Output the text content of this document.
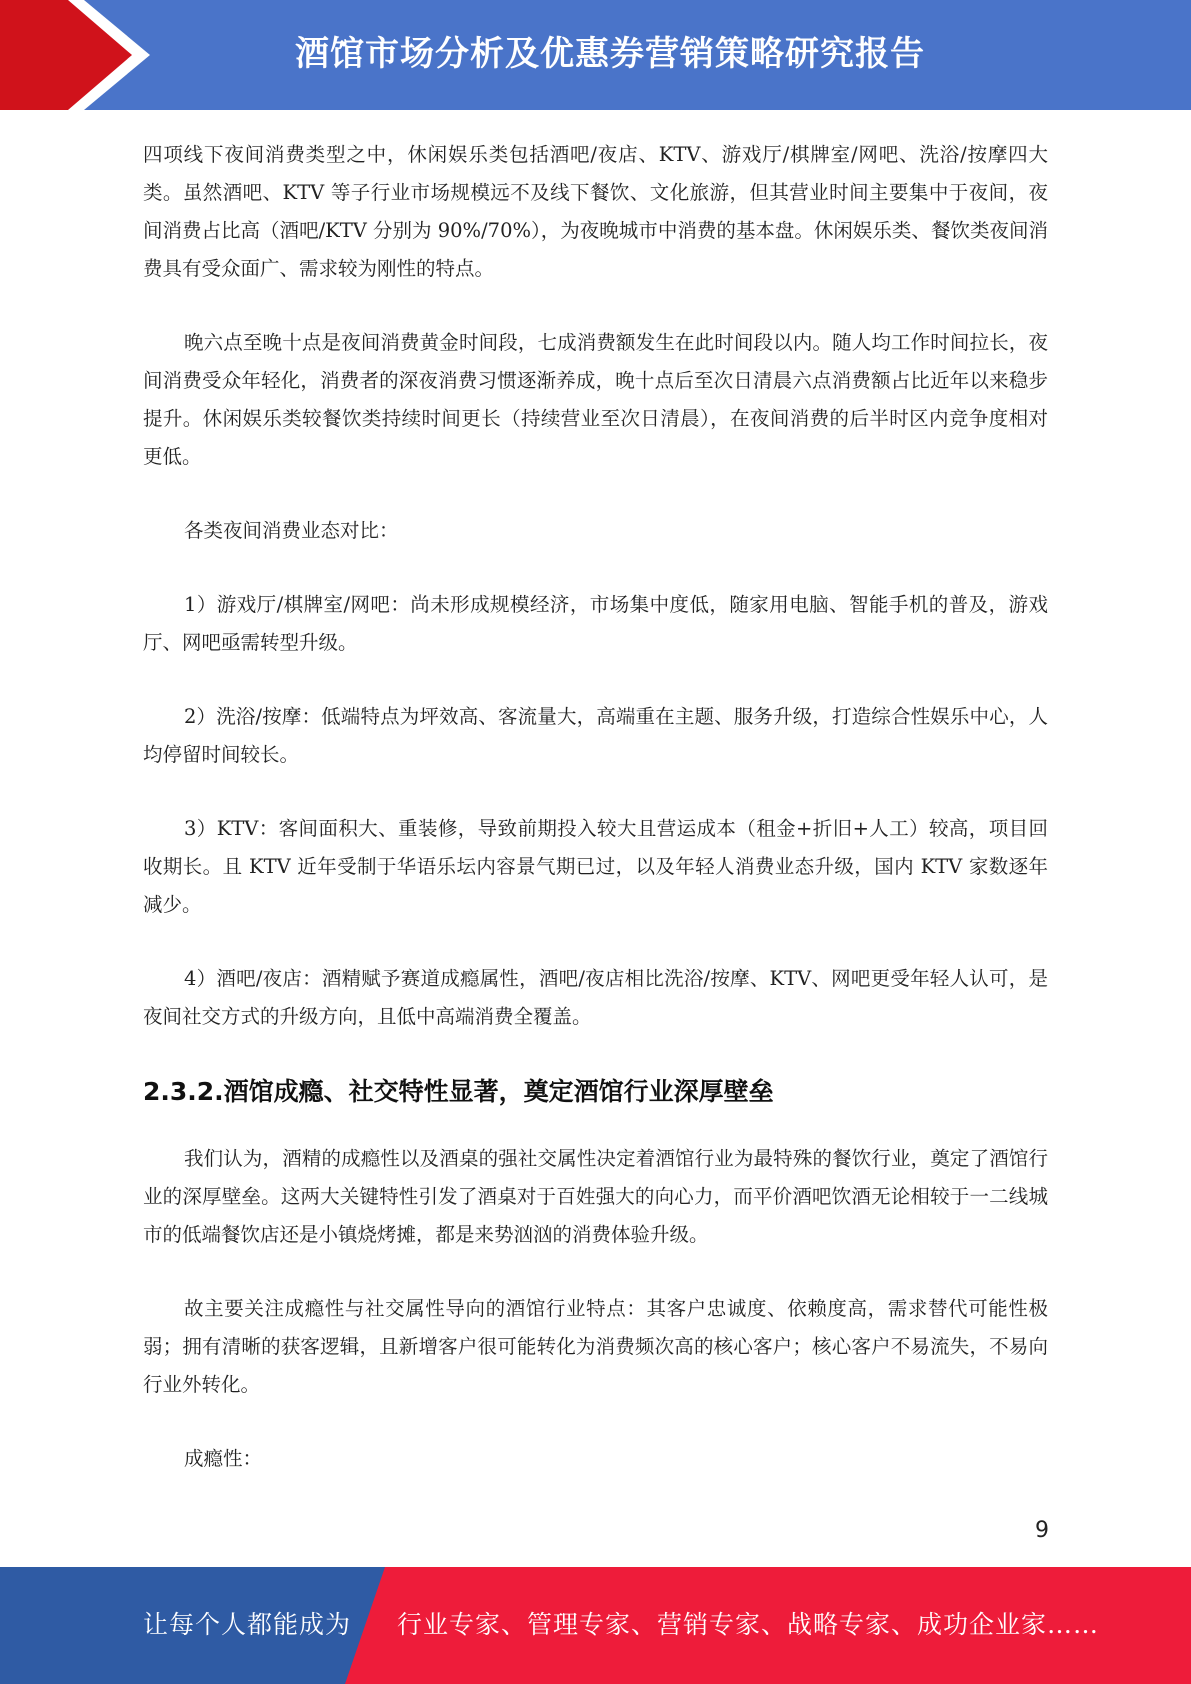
酒馆市场分析及优惠券营销策略研究报告

四项线下夜间消费类型之中，休闲娱乐类包括酒吧/夜店、KTV、游戏厅/棋牌室/网吧、洗浴/按摩四大类。虽然酒吧、KTV 等子行业市场规模远不及线下餐饮、文化旅游，但其营业时间主要集中于夜间，夜间消费占比高（酒吧/KTV 分别为 90%/70%），为夜晚城市中消费的基本盘。休闲娱乐类、餐饮类夜间消费具有受众面广、需求较为刚性的特点。

晚六点至晚十点是夜间消费黄金时间段，七成消费额发生在此时间段以内。随人均工作时间拉长，夜间消费受众年轻化，消费者的深夜消费习惯逐渐养成，晚十点后至次日清晨六点消费额占比近年以来稳步提升。休闲娱乐类较餐饮类持续时间更长（持续营业至次日清晨），在夜间消费的后半时区内竞争度相对更低。

各类夜间消费业态对比：

1）游戏厅/棋牌室/网吧：尚未形成规模经济，市场集中度低，随家用电脑、智能手机的普及，游戏厅、网吧亟需转型升级。

2）洗浴/按摩：低端特点为坪效高、客流量大，高端重在主题、服务升级，打造综合性娱乐中心，人均停留时间较长。

3）KTV：客间面积大、重装修，导致前期投入较大且营运成本（租金+折旧+人工）较高，项目回收期长。且 KTV 近年受制于华语乐坛内容景气期已过，以及年轻人消费业态升级，国内 KTV 家数逐年减少。

4）酒吧/夜店：酒精赋予赛道成瘾属性，酒吧/夜店相比洗浴/按摩、KTV、网吧更受年轻人认可，是夜间社交方式的升级方向，且低中高端消费全覆盖。

2.3.2.酒馆成瘾、社交特性显著，奠定酒馆行业深厚壁垒

我们认为，酒精的成瘾性以及酒桌的强社交属性决定着酒馆行业为最特殊的餐饮行业，奠定了酒馆行业的深厚壁垒。这两大关键特性引发了酒桌对于百姓强大的向心力，而平价酒吧饮酒无论相较于一二线城市的低端餐饮店还是小镇烧烤摊，都是来势汹汹的消费体验升级。

故主要关注成瘾性与社交属性导向的酒馆行业特点：其客户忠诚度、依赖度高，需求替代可能性极弱；拥有清晰的获客逻辑，且新增客户很可能转化为消费频次高的核心客户；核心客户不易流失，不易向行业外转化。

成瘾性：

9
让每个人都能成为 行业专家、管理专家、营销专家、战略专家、成功企业家……
